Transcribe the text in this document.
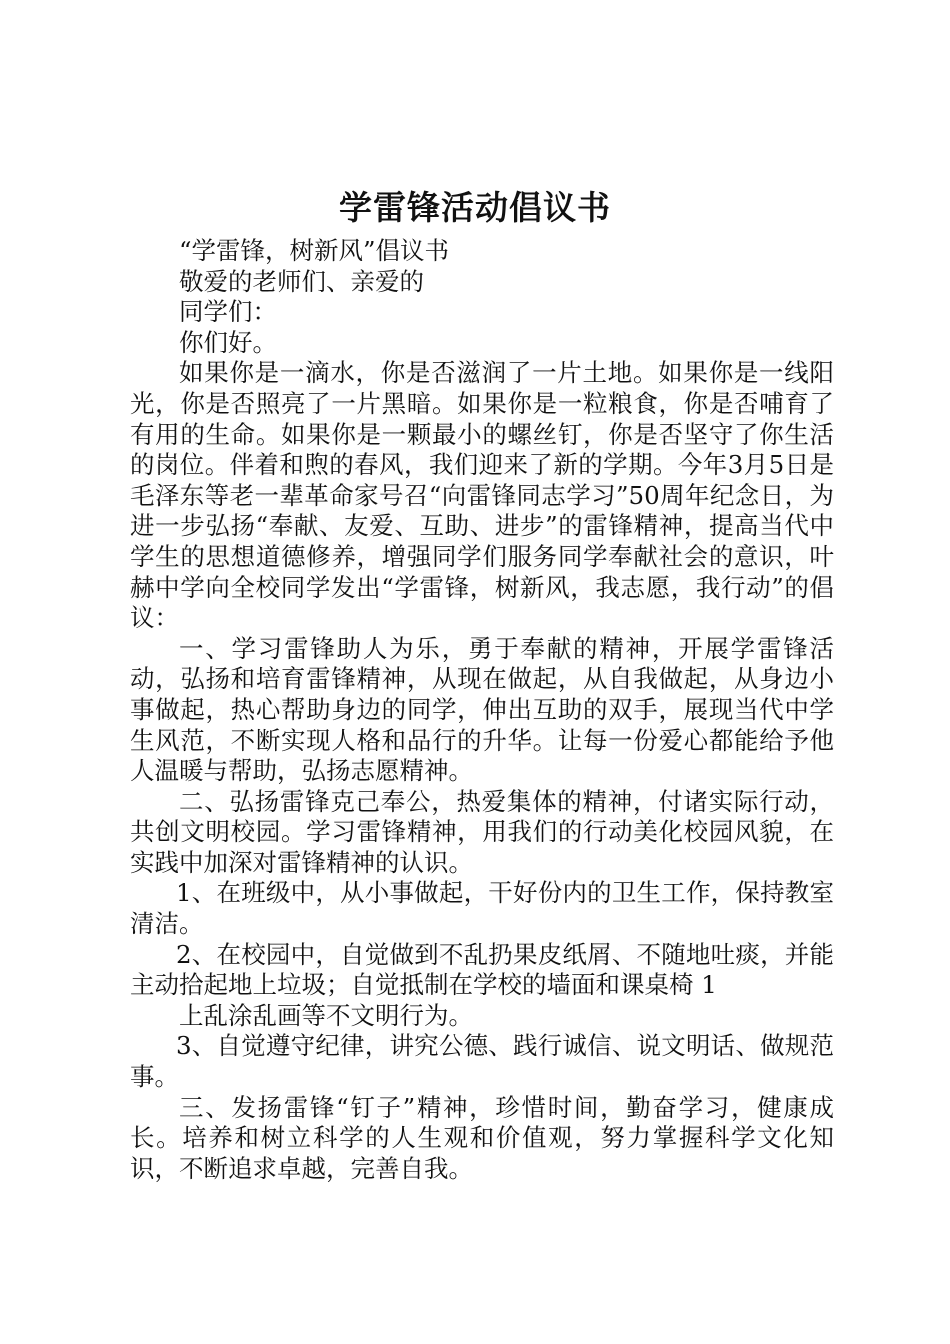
学雷锋活动倡议书

“学雷锋，树新风”倡议书

敬爱的老师们、亲爱的

同学们：

你们好。

如果你是一滴水，你是否滋润了一片土地。如果你是一线阳光，你是否照亮了一片黑暗。如果你是一粒粮食，你是否哺育了有用的生命。如果你是一颗最小的螺丝钉，你是否坚守了你生活的岗位。伴着和煦的春风，我们迎来了新的学期。今年3月5日是毛泽东等老一辈革命家号召“向雷锋同志学习”50周年纪念日，为进一步弘扬“奉献、友爱、互助、进步”的雷锋精神，提高当代中学生的思想道德修养，增强同学们服务同学奉献社会的意识，叶赫中学向全校同学发出“学雷锋，树新风，我志愿，我行动”的倡议：

一、学习雷锋助人为乐，勇于奉献的精神，开展学雷锋活动，弘扬和培育雷锋精神，从现在做起，从自我做起，从身边小事做起，热心帮助身边的同学，伸出互助的双手，展现当代中学生风范，不断实现人格和品行的升华。让每一份爱心都能给予他人温暖与帮助，弘扬志愿精神。

二、弘扬雷锋克己奉公，热爱集体的精神，付诸实际行动，共创文明校园。学习雷锋精神，用我们的行动美化校园风貌，在实践中加深对雷锋精神的认识。

1、在班级中，从小事做起，干好份内的卫生工作，保持教室清洁。

2、在校园中，自觉做到不乱扔果皮纸屑、不随地吐痰，并能主动拾起地上垃圾；自觉抵制在学校的墙面和课桌椅 1

上乱涂乱画等不文明行为。

3、自觉遵守纪律，讲究公德、践行诚信、说文明话、做规范事。

三、发扬雷锋“钉子”精神，珍惜时间，勤奋学习，健康成长。培养和树立科学的人生观和价值观，努力掌握科学文化知识，不断追求卓越，完善自我。
